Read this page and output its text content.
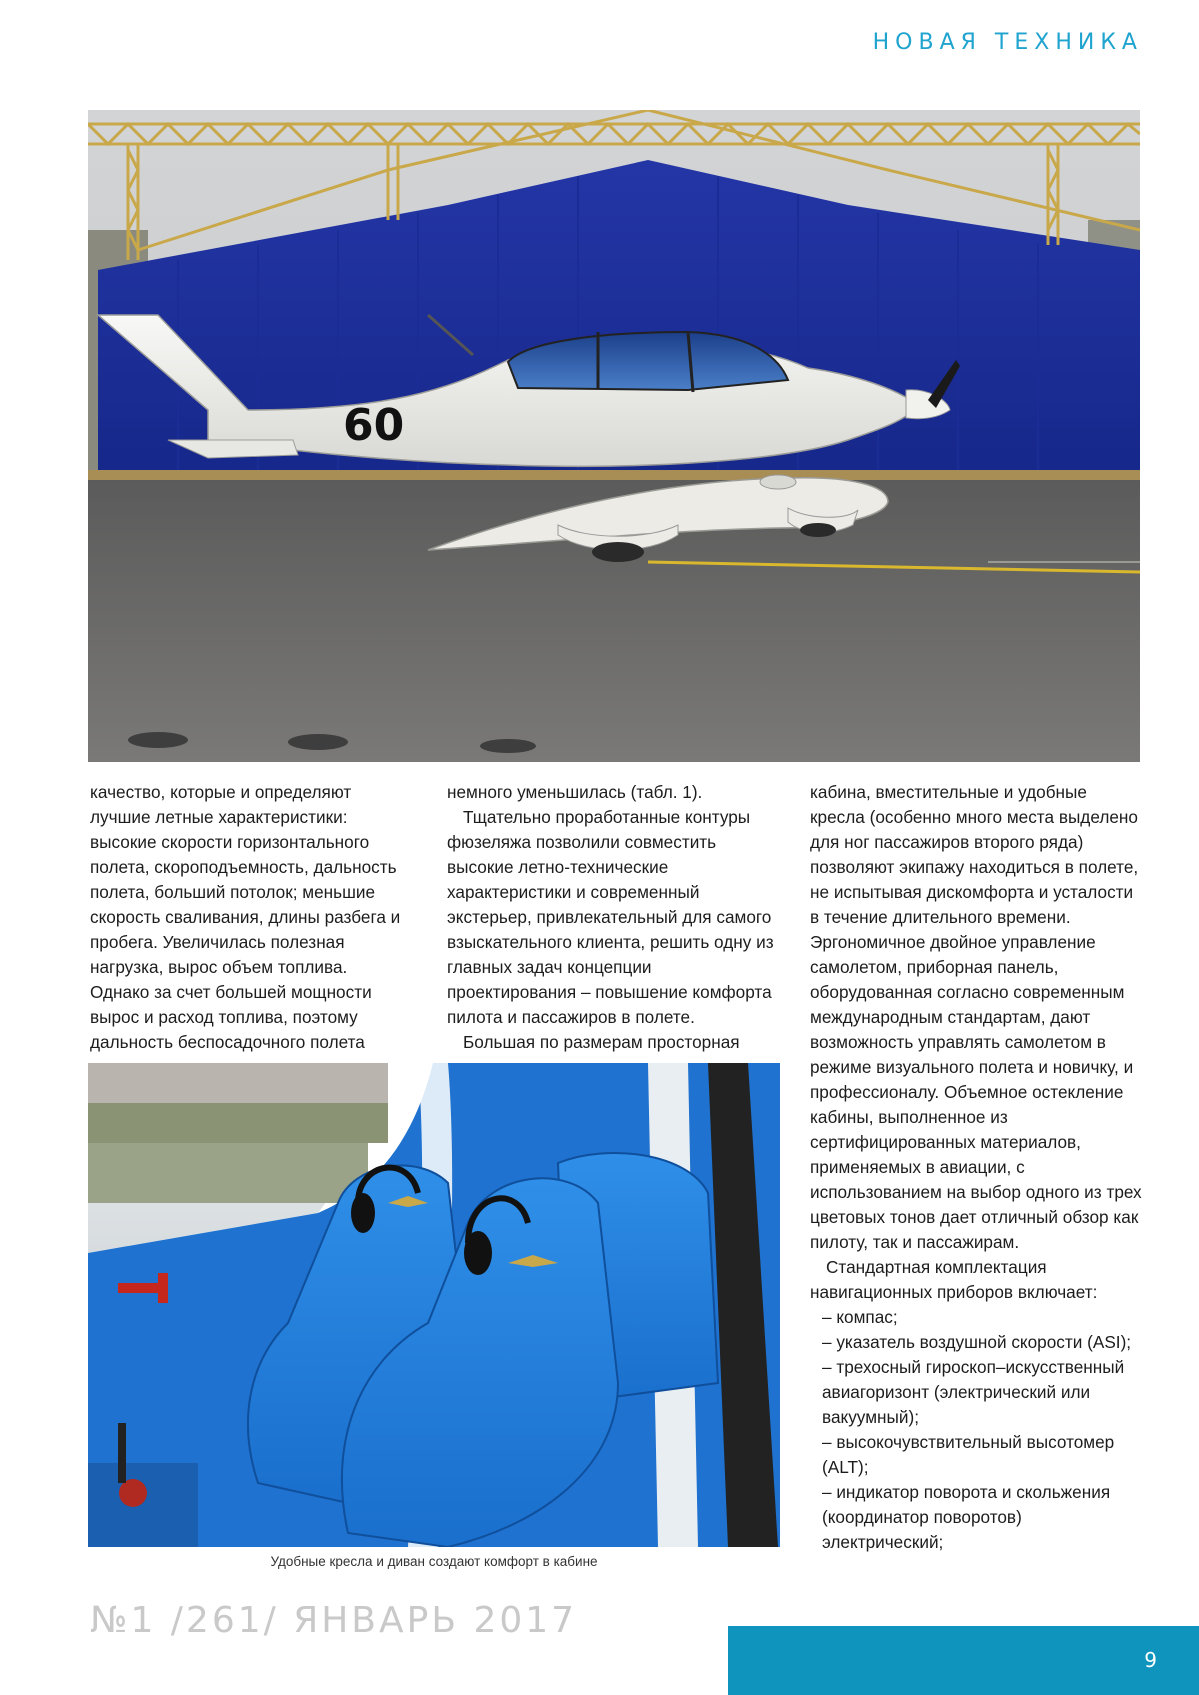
НОВАЯ ТЕХНИКА
60

качество, которые и определяют лучшие летные характеристики: высокие скорости горизонтального полета, скороподъемность, дальность полета, больший потолок; меньшие скорость сваливания, длины разбега и пробега. Увеличилась полезная нагрузка, вырос объем топлива. Однако за счет большей мощности вырос и расход топлива, поэтому дальность беспосадочного полета

немного уменьшилась (табл. 1).

Тщательно проработанные контуры фюзеляжа позволили совместить высокие летно-технические характеристики и современный экстерьер, привлекательный для самого взыскательного клиента, решить одну из главных задач концепции проектирования – повышение комфорта пилота и пассажиров в полете.

Большая по размерам просторная

кабина, вместительные и удобные кресла (особенно много места выделено для ног пассажиров второго ряда) позволяют экипажу находиться в полете, не испытывая дискомфорта и усталости в течение длительного времени. Эргономичное двойное управление самолетом, приборная панель, оборудованная согласно современным международным стандартам, дают возможность управлять самолетом в режиме визуального полета и новичку, и профессионалу. Объемное остекление кабины, выполненное из сертифицированных материалов, применяемых в авиации, с использованием на выбор одного из трех цветовых тонов дает отличный обзор как пилоту, так и пассажирам.

Стандартная комплектация навигационных приборов включает:

– компас;

– указатель воздушной скорости (ASI);

– трехосный гироскоп–искусственный авиагоризонт (электрический или вакуумный);

– высокочувствительный высотомер (ALT);

– индикатор поворота и скольжения (координатор поворотов) электрический;

Удобные кресла и диван создают комфорт в кабине
№1 /261/ ЯНВАРЬ 2017
9
